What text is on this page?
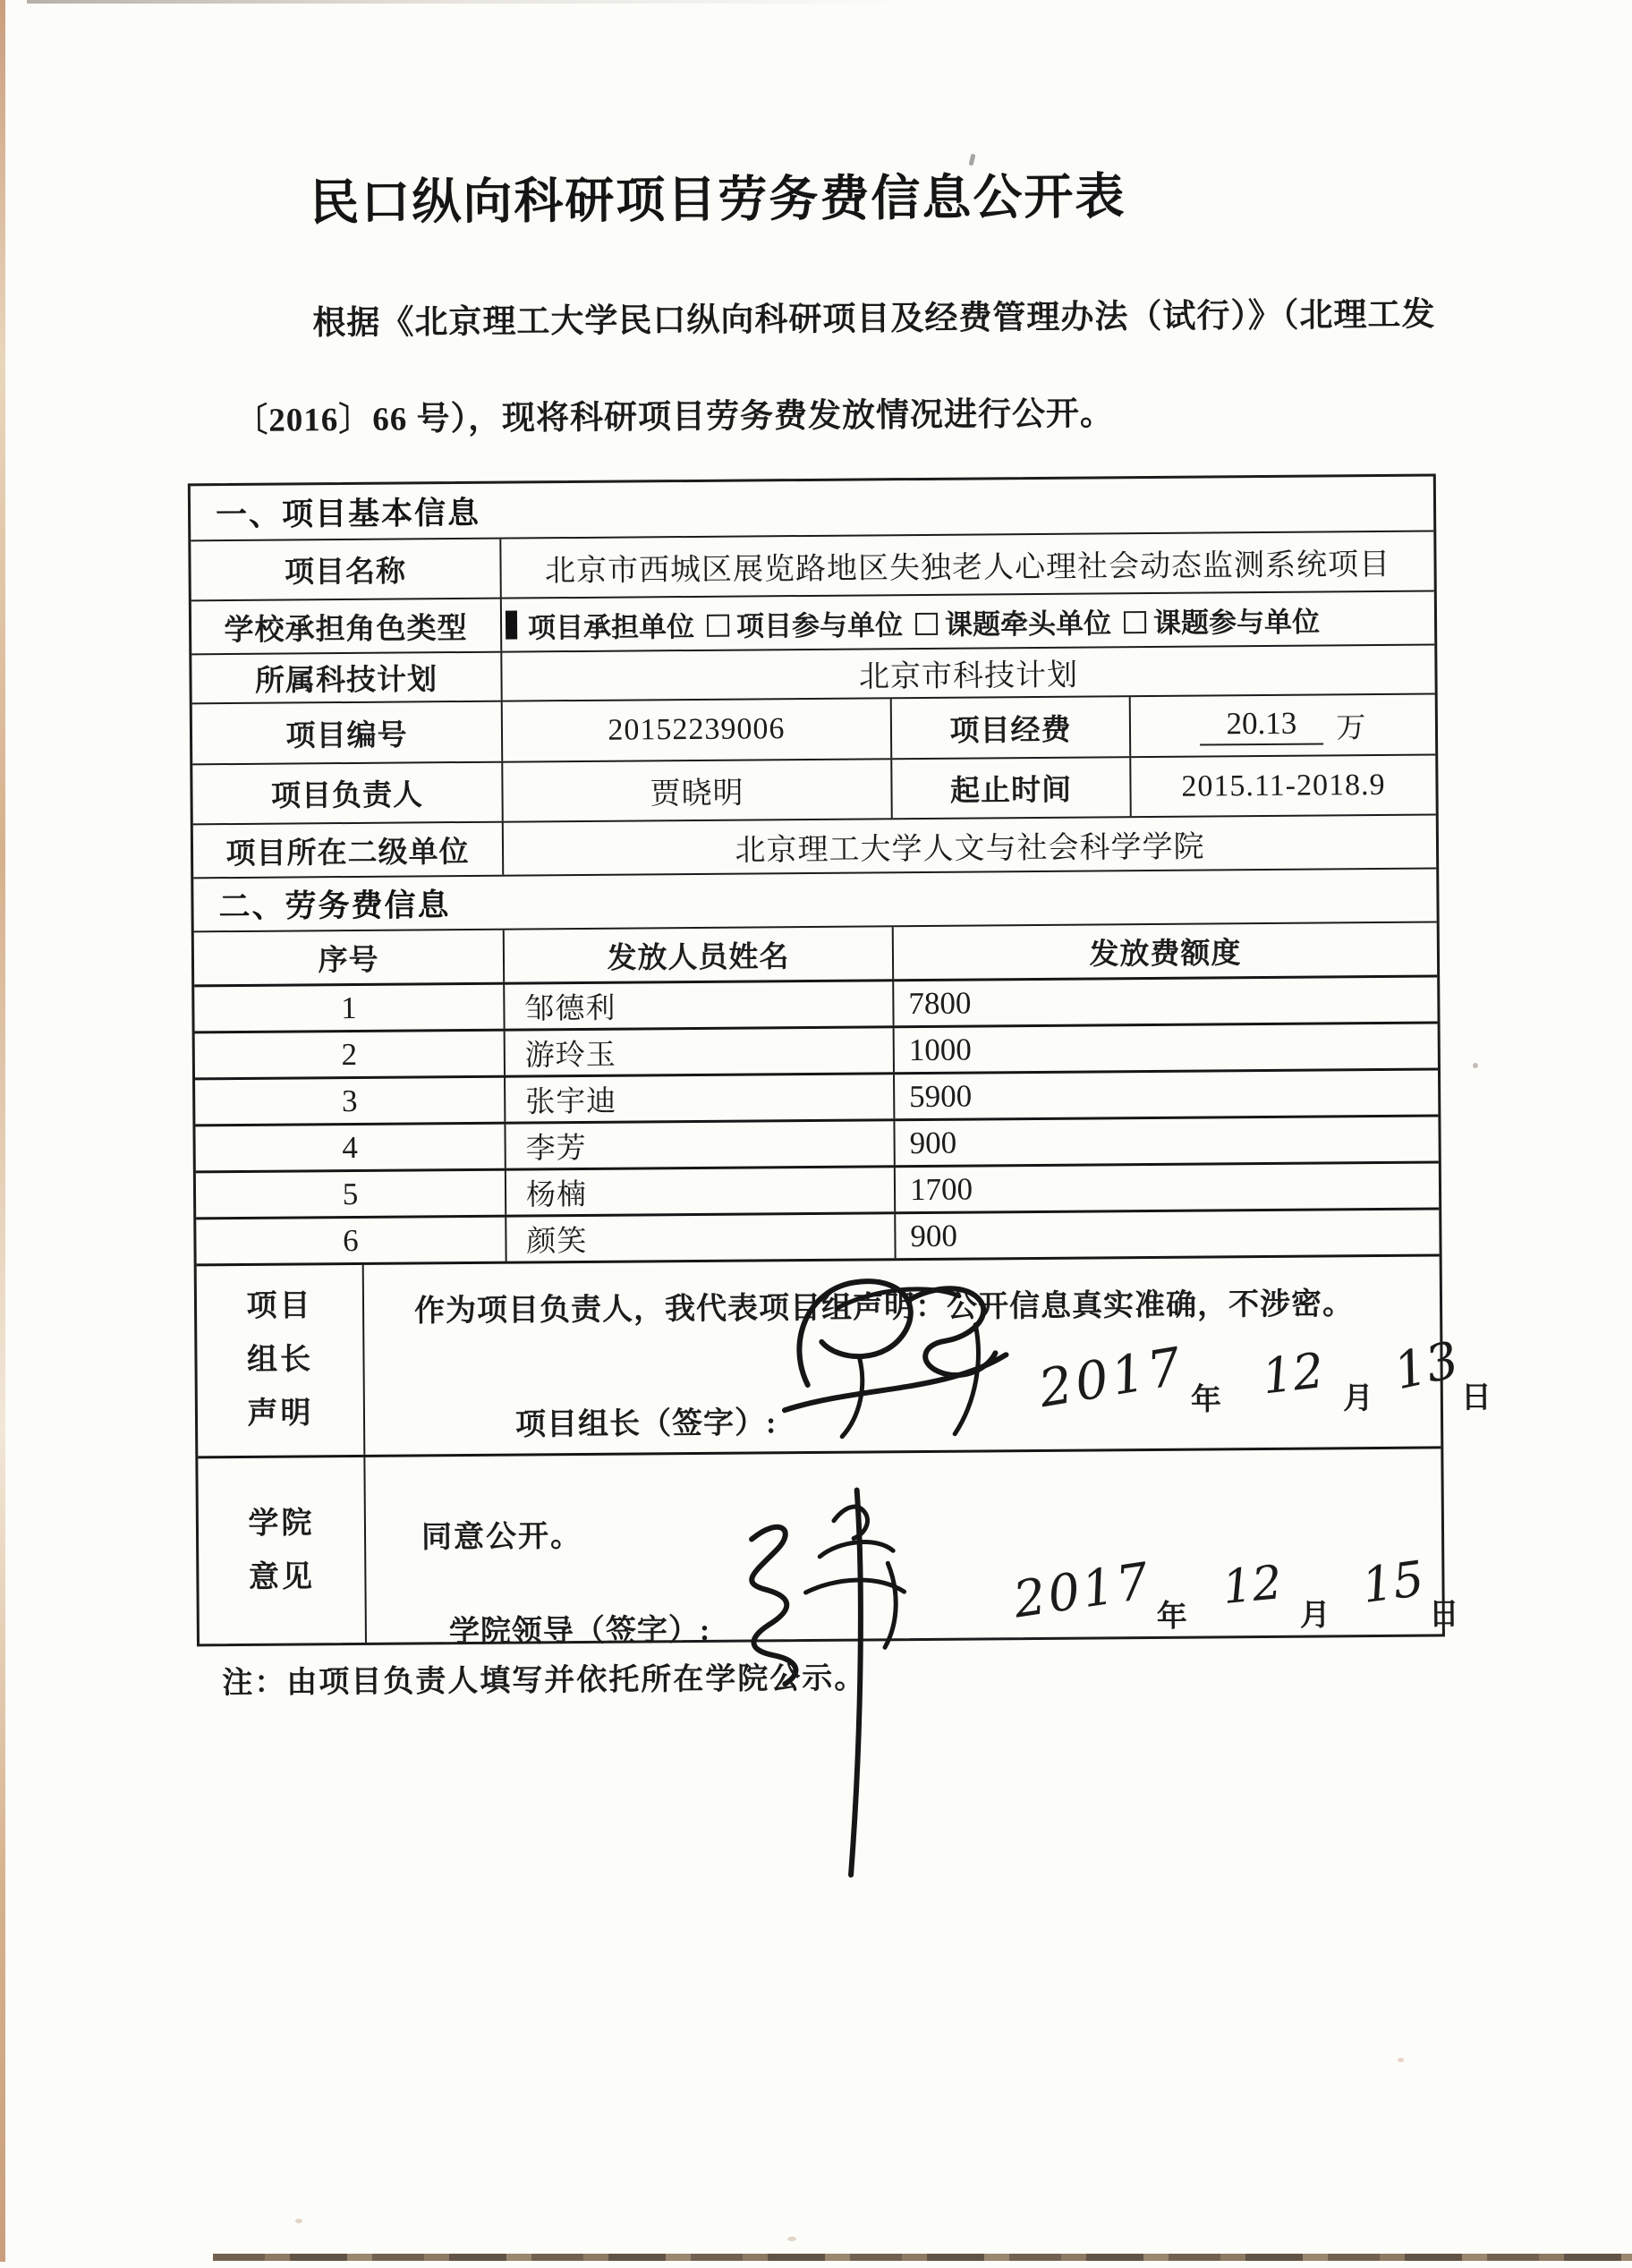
民口纵向科研项目劳务费信息公开表
根据《北京理工大学民口纵向科研项目及经费管理办法（试行）》（北理工发
〔2016〕66 号），现将科研项目劳务费发放情况进行公开。
一、项目基本信息
项目名称	北京市西城区展览路地区失独老人心理社会动态监测系统项目
学校承担角色类型	项目承担单位 项目参与单位 课题牵头单位 课题参与单位
所属科技计划	北京市科技计划
项目编号	20152239006	项目经费	20.13	万
项目负责人	贾晓明	起止时间	2015.11-2018.9
项目所在二级单位	北京理工大学人文与社会科学学院
二、劳务费信息
序号	发放人员姓名	发放费额度
1	邹德利	7800
2	游玲玉	1000
3	张宇迪	5900
4	李芳	900
5	杨楠	1700
6	颜笑	900
项目
组长
声明
作为项目负责人，我代表项目组声明：公开信息真实准确，不涉密。
项目组长（签字）:
学院
意见
同意公开。
学院领导（签字）:
2017 年 12 月 13
日
2017 年
12
月
15
日
注：由项目负责人填写并依托所在学院公示。
